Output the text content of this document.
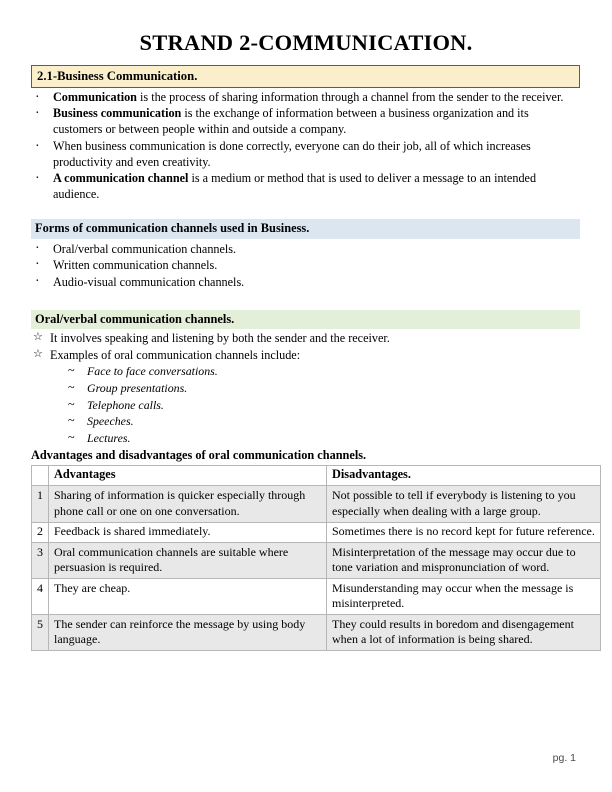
STRAND 2-COMMUNICATION.
2.1-Business Communication.
· Communication is the process of sharing information through a channel from the sender to the receiver.
· Business communication is the exchange of information between a business organization and its customers or between people within and outside a company.
· When business communication is done correctly, everyone can do their job, all of which increases productivity and even creativity.
· A communication channel is a medium or method that is used to deliver a message to an intended audience.
Forms of communication channels used in Business.
· Oral/verbal communication channels.
· Written communication channels.
· Audio-visual communication channels.
Oral/verbal communication channels.
☆ It involves speaking and listening by both the sender and the receiver.
☆ Examples of oral communication channels include:
~ Face to face conversations.
~ Group presentations.
~ Telephone calls.
~ Speeches.
~ Lectures.
Advantages and disadvantages of oral communication channels.
	Advantages	Disadvantages.
1	Sharing of information is quicker especially through phone call or one on one conversation.	Not possible to tell if everybody is listening to you especially when dealing with a large group.
2	Feedback is shared immediately.	Sometimes there is no record kept for future reference.
3	Oral communication channels are suitable where persuasion is required.	Misinterpretation of the message may occur due to tone variation and mispronunciation of word.
4	They are cheap.	Misunderstanding may occur when the message is misinterpreted.
5	The sender can reinforce the message by using body language.	They could results in boredom and disengagement when a lot of information is being shared.
pg. 1
